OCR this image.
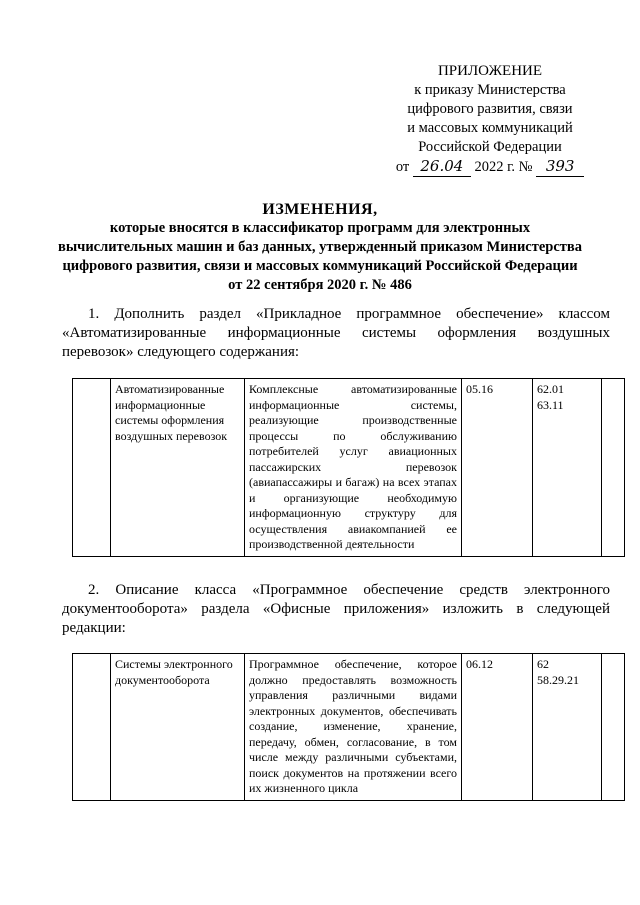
ПРИЛОЖЕНИЕ
к приказу Министерства
цифрового развития, связи
и массовых коммуникаций
Российской Федерации
от 26.04 2022 г. № 393
ИЗМЕНЕНИЯ,
которые вносятся в классификатор программ для электронных
вычислительных машин и баз данных, утвержденный приказом Министерства
цифрового развития, связи и массовых коммуникаций Российской Федерации
от 22 сентября 2020 г. № 486
1. Дополнить раздел «Прикладное программное обеспечение» классом «Автоматизированные информационные системы оформления воздушных перевозок» следующего содержания:
	Автоматизированные информационные системы оформления воздушных перевозок	Комплексные автоматизированные информационные системы, реализующие производственные процессы по обслуживанию потребителей услуг авиационных пассажирских перевозок (авиапассажиры и багаж) на всех этапах и организующие необходимую информационную структуру для осуществления авиакомпанией ее производственной деятельности	05.16	62.01
63.11

2. Описание класса «Программное обеспечение средств электронного документооборота» раздела «Офисные приложения» изложить в следующей редакции:
	Системы электронного документооборота	Программное обеспечение, которое должно предоставлять возможность управления различными видами электронных документов, обеспечивать создание, изменение, хранение, передачу, обмен, согласование, в том числе между различными субъектами, поиск документов на протяжении всего их жизненного цикла	06.12	62
58.29.21
